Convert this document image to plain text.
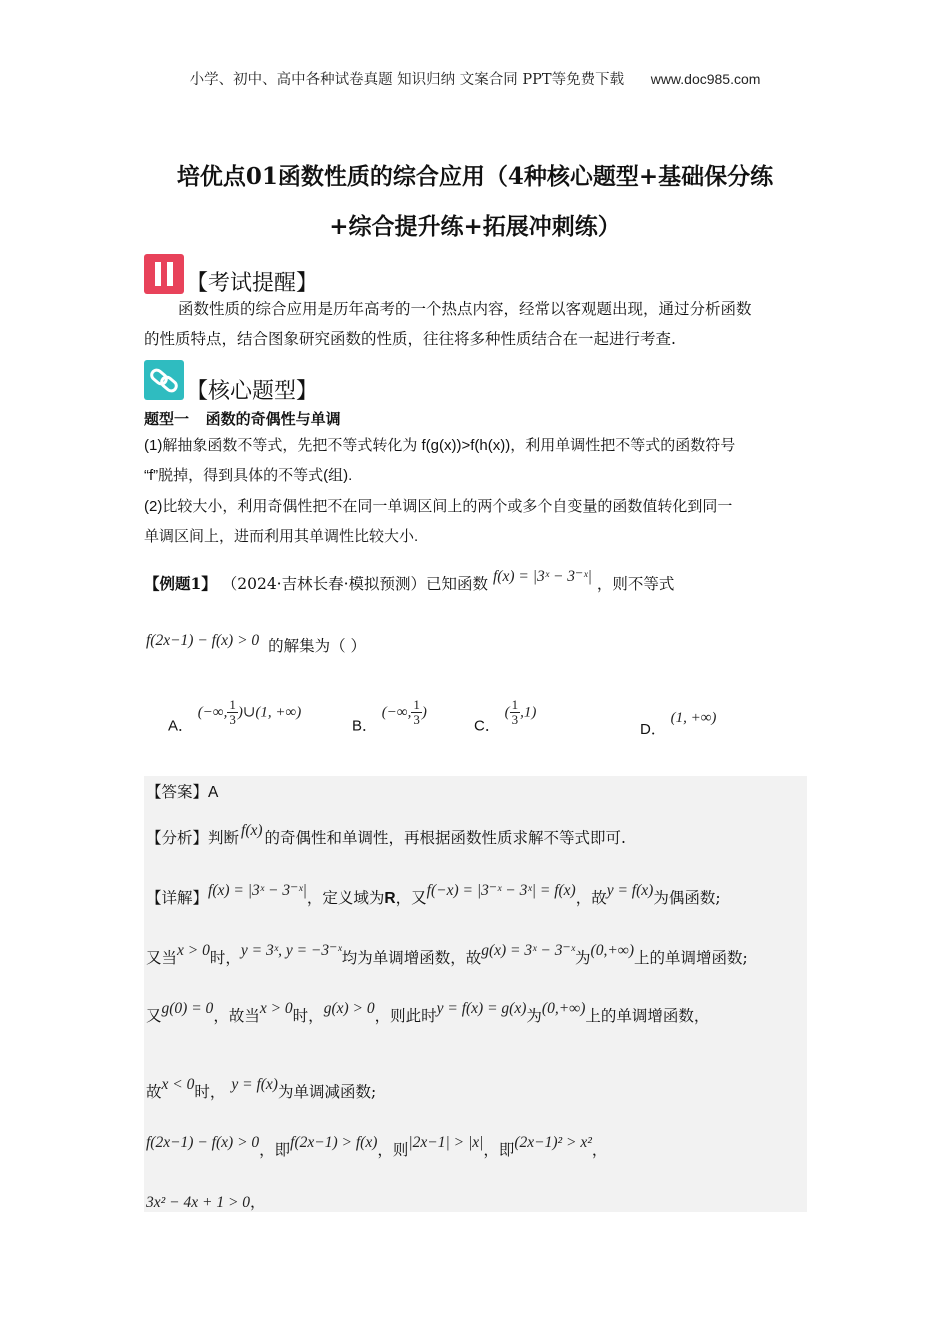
小学、初中、高中各种试卷真题 知识归纳 文案合同 PPT等免费下载 www.doc985.com
培优点01函数性质的综合应用（4种核心题型+基础保分练
+综合提升练+拓展冲刺练）
【考试提醒】
函数性质的综合应用是历年高考的一个热点内容，经常以客观题出现，通过分析函数
的性质特点，结合图象研究函数的性质，往往将多种性质结合在一起进行考查.
【核心题型】
题型一    函数的奇偶性与单调
(1)解抽象函数不等式，先把不等式转化为 f(g(x))>f(h(x))，利用单调性把不等式的函数符号
“f”脱掉，得到具体的不等式(组).
(2)比较大小，利用奇偶性把不在同一单调区间上的两个或多个自变量的函数值转化到同一
单调区间上，进而利用其单调性比较大小.
【例题1】 （2024·吉林长春·模拟预测）已知函数 f(x) = |3ˣ − 3⁻ˣ| ，则不等式
f(2x−1) − f(x) > 0 的解集为（ ）
A． (−∞, $\frac{1}{3}$ )∪(1, +∞)
B． (−∞, $\frac{1}{3}$ )
C． ( $\frac{1}{3} ,1$)
D． (1, +∞)
【答案】A
【分析】判断 f(x) 的奇偶性和单调性，再根据函数性质求解不等式即可.
【详解】f(x) = |3ˣ − 3⁻ˣ|，定义域为R，又f(−x) = |3⁻ˣ − 3ˣ| = f(x)，故y = f(x)为偶函数;
又当x > 0时，y = 3ˣ, y = −3⁻ˣ均为单调增函数，故g(x) = 3ˣ − 3⁻ˣ为(0,+∞)上的单调增函数;
又g(0) = 0，故当x > 0时，g(x) > 0，则此时y = f(x) = g(x)为(0,+∞)上的单调增函数，
故x < 0时， y = f(x)为单调减函数;
f(2x−1) − f(x) > 0，即f(2x−1) > f(x)，则|2x−1| > |x|，即(2x−1)² > x²，
3x² − 4x + 1 > 0，
